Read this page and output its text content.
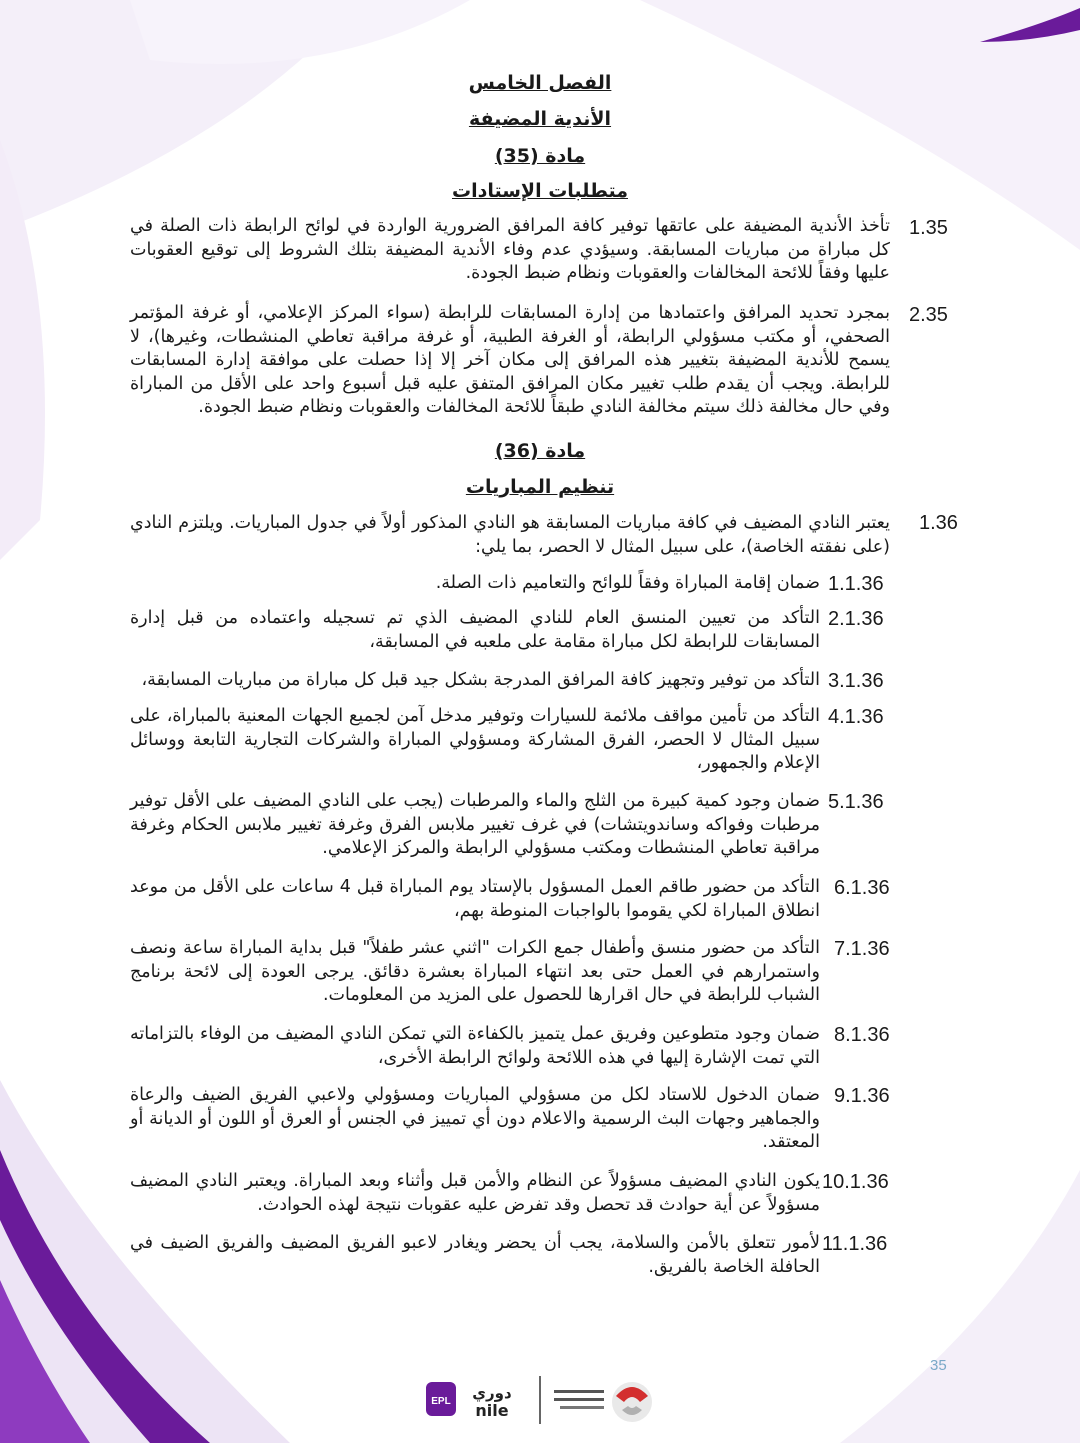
الفصل الخامس
الأندية المضيفة
مادة (35)
متطلبات الإستادات
1.35
تأخذ الأندية المضيفة على عاتقها توفير كافة المرافق الضرورية الواردة في لوائح الرابطة ذات الصلة في كل مباراة من مباريات المسابقة. وسيؤدي عدم وفاء الأندية المضيفة بتلك الشروط إلى توقيع العقوبات عليها وفقاً للائحة المخالفات والعقوبات ونظام ضبط الجودة.
2.35
بمجرد تحديد المرافق واعتمادها من إدارة المسابقات للرابطة (سواء المركز الإعلامي، أو غرفة المؤتمر الصحفي، أو مكتب مسؤولي الرابطة، أو الغرفة الطبية، أو غرفة مراقبة تعاطي المنشطات، وغيرها)، لا يسمح للأندية المضيفة بتغيير هذه المرافق إلى مكان آخر إلا إذا حصلت على موافقة إدارة المسابقات للرابطة. ويجب أن يقدم طلب تغيير مكان المرافق المتفق عليه قبل أسبوع واحد على الأقل من المباراة وفي حال مخالفة ذلك سيتم مخالفة النادي طبقاً للائحة المخالفات والعقوبات ونظام ضبط الجودة.
مادة (36)
تنظيم المباريات
1.36
يعتبر النادي المضيف في كافة مباريات المسابقة هو النادي المذكور أولاً في جدول المباريات. ويلتزم النادي (على نفقته الخاصة)، على سبيل المثال لا الحصر، بما يلي:
1.1.36
ضمان إقامة المباراة وفقاً للوائح والتعاميم ذات الصلة.
2.1.36
التأكد من تعيين المنسق العام للنادي المضيف الذي تم تسجيله واعتماده من قبل إدارة المسابقات للرابطة لكل مباراة مقامة على ملعبه في المسابقة،
3.1.36
التأكد من توفير وتجهيز كافة المرافق المدرجة بشكل جيد قبل كل مباراة من مباريات المسابقة،
4.1.36
التأكد من تأمين مواقف ملائمة للسيارات وتوفير مدخل آمن لجميع الجهات المعنية بالمباراة، على سبيل المثال لا الحصر، الفرق المشاركة ومسؤولي المباراة والشركات التجارية التابعة ووسائل الإعلام والجمهور،
5.1.36
ضمان وجود كمية كبيرة من الثلج والماء والمرطبات (يجب على النادي المضيف على الأقل توفير مرطبات وفواكه وساندويتشات) في غرف تغيير ملابس الفرق وغرفة تغيير ملابس الحكام وغرفة مراقبة تعاطي المنشطات ومكتب مسؤولي الرابطة والمركز الإعلامي.
6.1.36
التأكد من حضور طاقم العمل المسؤول بالإستاد يوم المباراة قبل 4 ساعات على الأقل من موعد انطلاق المباراة لكي يقوموا بالواجبات المنوطة بهم،
7.1.36
التأكد من حضور منسق وأطفال جمع الكرات "اثني عشر طفلاً" قبل بداية المباراة ساعة ونصف واستمرارهم في العمل حتى بعد انتهاء المباراة بعشرة دقائق. يرجى العودة إلى لائحة برنامج الشباب للرابطة في حال اقرارها للحصول على المزيد من المعلومات.
8.1.36
ضمان وجود متطوعين وفريق عمل يتميز بالكفاءة التي تمكن النادي المضيف من الوفاء بالتزاماته التي تمت الإشارة إليها في هذه اللائحة ولوائح الرابطة الأخرى،
9.1.36
ضمان الدخول للاستاد لكل من مسؤولي المباريات ومسؤولي ولاعبي الفريق الضيف والرعاة والجماهير وجهات البث الرسمية والاعلام دون أي تمييز في الجنس أو العرق أو اللون أو الديانة أو المعتقد.
10.1.36
يكون النادي المضيف مسؤولاً عن النظام والأمن قبل وأثناء وبعد المباراة. ويعتبر النادي المضيف مسؤولاً عن أية حوادث قد تحصل وقد تفرض عليه عقوبات نتيجة لهذه الحوادث.
11.1.36
لأمور تتعلق بالأمن والسلامة، يجب أن يحضر ويغادر لاعبو الفريق المضيف والفريق الضيف في الحافلة الخاصة بالفريق.
35
EPL دوري
nile
